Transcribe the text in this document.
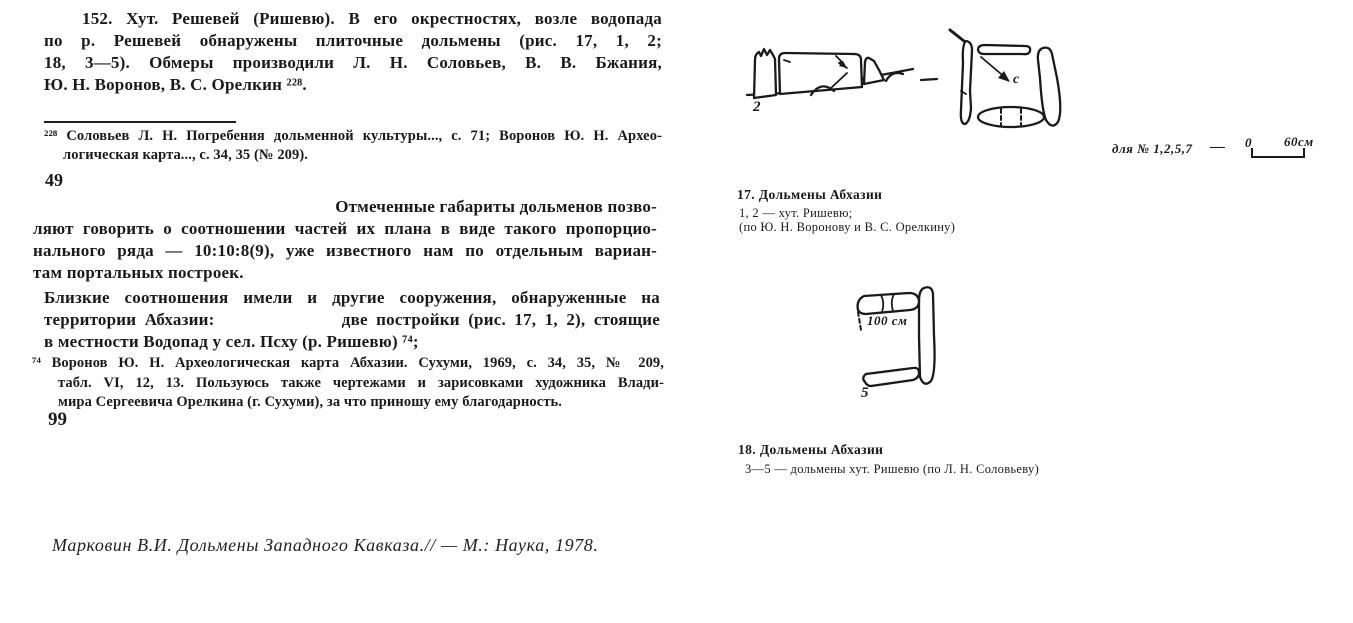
152. Хут. Решевей (Ришевю). В его окрестностях, возле водопада
по р. Решевей обнаружены плиточные дольмены (рис. 17, 1, 2;
18, 3—5). Обмеры производили Л. Н. Соловьев, В. В. Бжания,
Ю. Н. Воронов, В. С. Орелкин ²²⁸.
²²⁸ Соловьев Л. Н. Погребения дольменной культуры..., с. 71; Воронов Ю. Н. Архео-
логическая карта..., с. 34, 35 (№ 209).
49
Отмеченные габариты дольменов позво-
ляют говорить о соотношении частей их плана в виде такого пропорцио-
нального ряда — 10:10:8(9), уже известного нам по отдельным вариан-
там портальных построек.
Близкие соотношения имели и другие сооружения, обнаруженные на
территории Абхазии:               две постройки (рис. 17, 1, 2), стоящие
в местности Водопад у сел. Псху (р. Ришевю) ⁷⁴;
⁷⁴ Воронов Ю. Н. Археологическая карта Абхазии. Сухуми, 1969, с. 34, 35, № 209,
табл. VI, 12, 13. Пользуюсь также чертежами и зарисовками художника Влади-
мира Сергеевича Орелкина (г. Сухуми), за что приношу ему благодарность.
99
Марковин В.И. Дольмены Западного Кавказа.// — М.: Наука, 1978.
2
c
для № 1,2,5,7 — 0 60см
17. Дольмены Абхазии
1, 2 — хут. Ришевю;
(по Ю. Н. Воронову и В. С. Орелкину)
100 см
5
18. Дольмены Абхазии
3—5 — дольмены хут. Ришевю (по Л. Н. Соловьеву)
